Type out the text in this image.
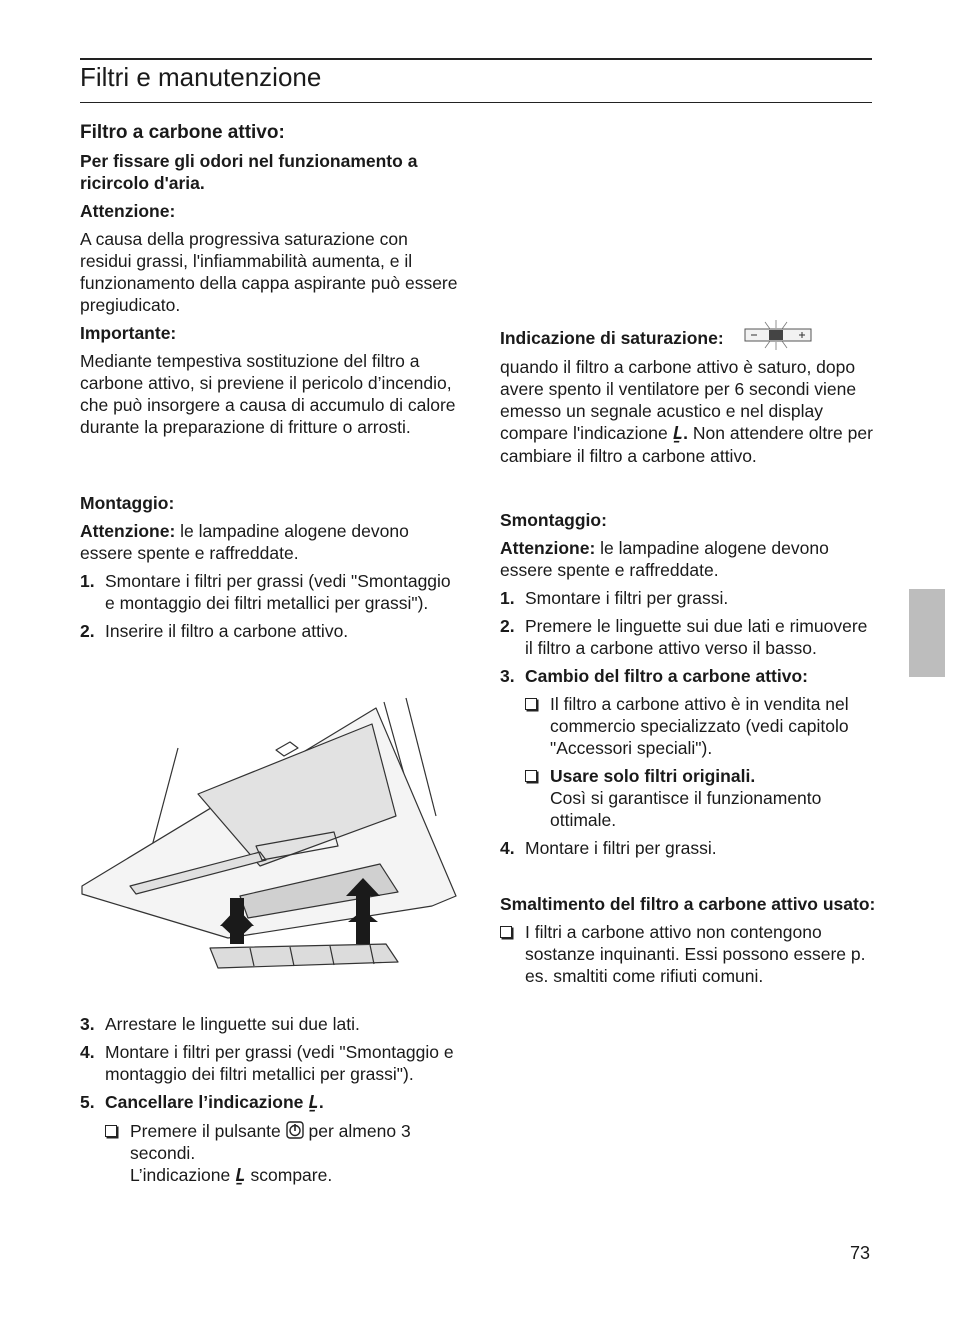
Filtri e manutenzione

Filtro a carbone attivo:

Per fissare gli odori nel funzionamento a ricircolo d'aria.

Attenzione:

A causa della progressiva saturazione con residui grassi, l'infiammabilità aumenta, e il funzionamento della cappa aspirante può essere pregiudicato.

Importante:

Mediante tempestiva sostituzione del filtro a carbone attivo, si previene il pericolo d’incendio, che può insorgere a causa di accumulo di calore durante la preparazione di fritture o arrosti.

Montaggio:

Attenzione: le lampadine alogene devono essere spente e raffreddate.

1. Smontare i filtri per grassi (vedi "Smontaggio e montaggio dei filtri metallici per grassi").
2. Inserire il filtro a carbone attivo.
3. Arrestare le linguette sui due lati.
4. Montare i filtri per grassi (vedi "Smontaggio e montaggio dei filtri metallici per grassi").
5. Cancellare l’indicazione Ḻ.
Premere il pulsante per almeno 3 secondi.
L’indicazione Ḻ scompare.

Indicazione di saturazione:

quando il filtro a carbone attivo è saturo, dopo avere spento il ventilatore per 6 secondi viene emesso un segnale acustico e nel display compare l'indicazione Ḻ. Non attendere oltre per cambiare il filtro a carbone attivo.

Smontaggio:

Attenzione: le lampadine alogene devono essere spente e raffreddate.

1. Smontare i filtri per grassi.
2. Premere le linguette sui due lati e rimuovere il filtro a carbone attivo verso il basso.
3. Cambio del filtro a carbone attivo:
Il filtro a carbone attivo è in vendita nel commercio specializzato (vedi capitolo "Accessori speciali").
Usare solo filtri originali.
Così si garantisce il funzionamento ottimale.
4. Montare i filtri per grassi.

Smaltimento del filtro a carbone attivo usato:

I filtri a carbone attivo non contengono sostanze inquinanti. Essi possono essere p. es. smaltiti come rifiuti comuni.
73
